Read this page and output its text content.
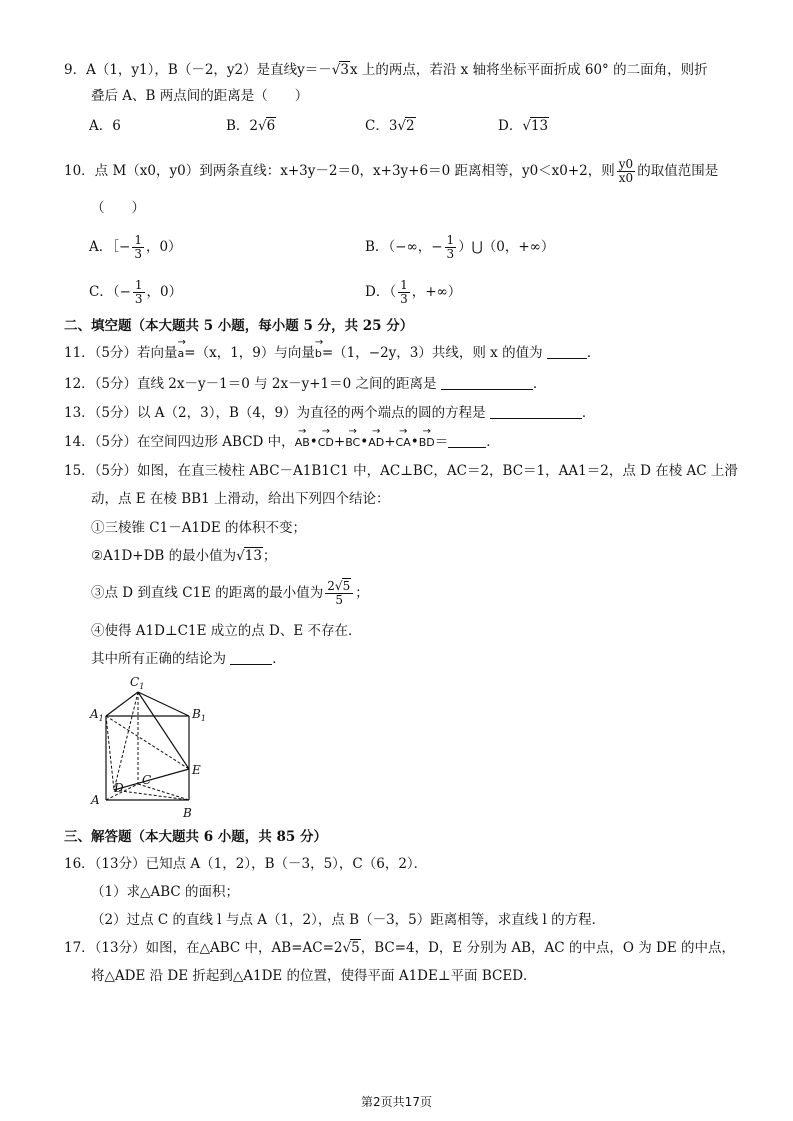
9．A（1，y1），B（－2，y2）是直线y＝－√3x 上的两点，若沿 x 轴将坐标平面折成 60° 的二面角，则折
叠后 A、B 两点间的距离是（　　）
A．6	B．2√6	C．3√2	D．√13
10．点 M（x0，y0）到两条直线：x+3y－2＝0，x+3y+6＝0 距离相等，y0＜x0+2，则 $\frac{y0}{x0}$ 的取值范围是
（　　）
A．［− $\frac{1}{3}$ ，0）	B．（−∞，− $\frac{1}{3}$ ）⋃（0，+∞）
C．（− $\frac{1}{3}$ ，0）	D．（ $\frac{1}{3}$ ，+∞）
二、填空题（本大题共 5 小题，每小题 5 分，共 25 分）
11．（5分）若向量→ a=（x，1，9）与向量→ b=（1，−2y，3）共线，则 x 的值为	．
12．（5分）直线 2x－y－1＝0 与 2x－y+1＝0 之间的距离是	．
13．（5分）以 A（2，3），B（4，9）为直径的两个端点的圆的方程是	．
14．（5分）在空间四边形 ABCD 中，→ AB•→ CD+→ BC•→ AD+→ CA•→ BD＝	．
15．（5分）如图，在直三棱柱 ABC－A1B1C1 中，AC⊥BC，AC＝2，BC＝1，AA1＝2，点 D 在棱 AC 上滑
动，点 E 在棱 BB1 上滑动，给出下列四个结论：
①三棱锥 C1－A1DE 的体积不变；
②A1D+DB 的最小值为√13；
③点 D 到直线 C1E 的距离的最小值为 $\frac{2√5}{5}$ ；
④使得 A1D⊥C1E 成立的点 D、E 不存在．
其中所有正确的结论为	．
$C_1$
$A_1$	$B_1$
C
D
E
A
B
三、解答题（本大题共 6 小题，共 85 分）
16．（13分）已知点 A（1，2），B（－3，5），C（6，2）．
（1）求△ABC 的面积；
（2）过点 C 的直线 l 与点 A（1，2），点 B（－3，5）距离相等，求直线 l 的方程．
17．（13分）如图，在△ABC 中，AB=AC=2√5，BC=4，D，E 分别为 AB，AC 的中点，O 为 DE 的中点，
将△ADE 沿 DE 折起到△A1DE 的位置，使得平面 A1DE⊥平面 BCED．
第2页共17页
